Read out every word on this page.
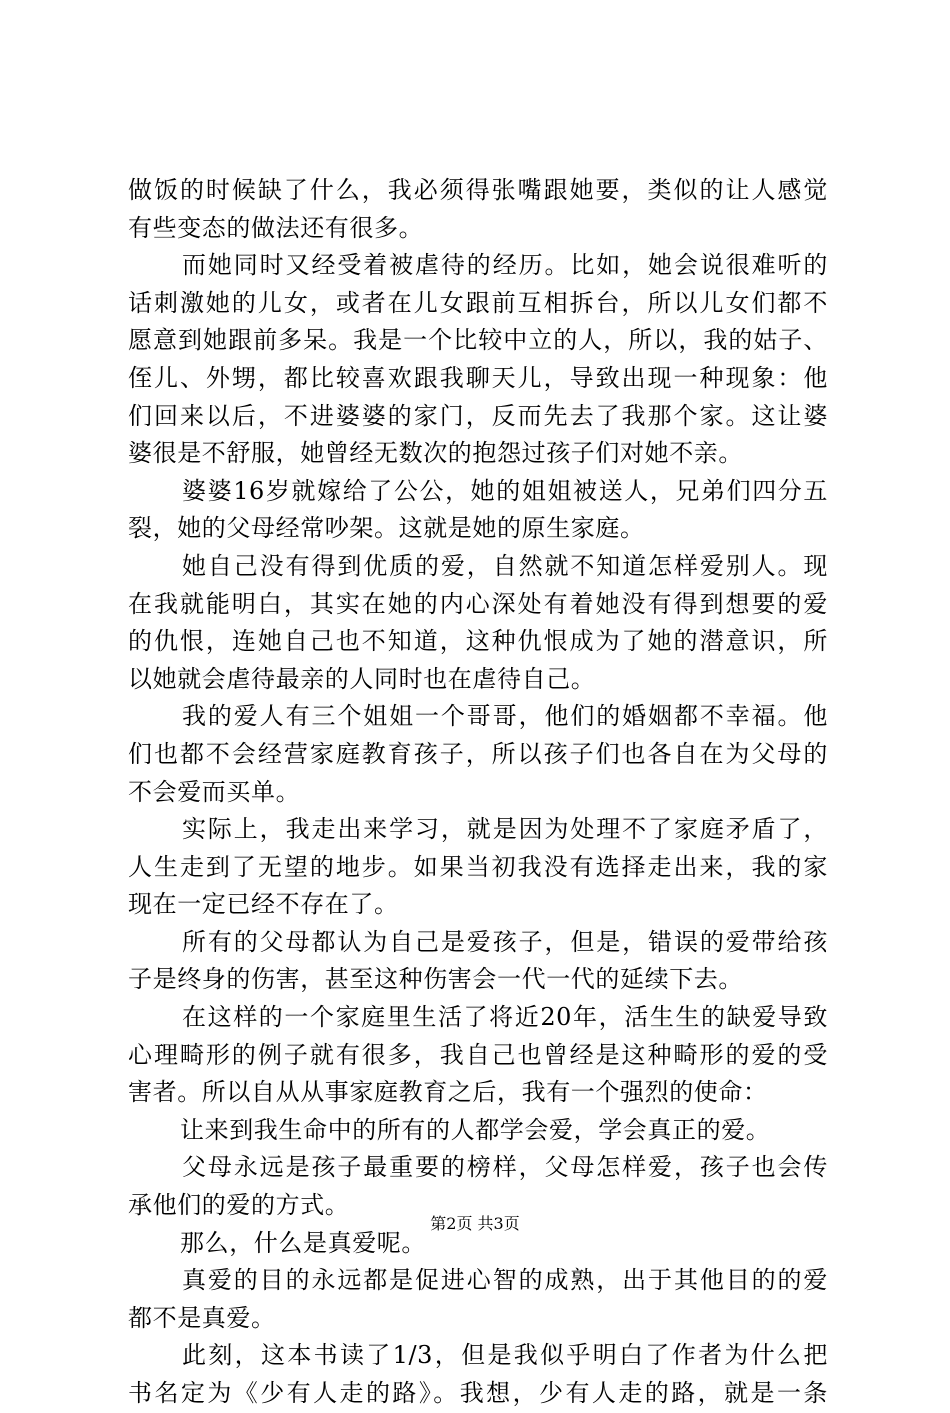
做饭的时候缺了什么，我必须得张嘴跟她要，类似的让人感觉
有些变态的做法还有很多。
而她同时又经受着被虐待的经历。比如，她会说很难听的
话刺激她的儿女，或者在儿女跟前互相拆台，所以儿女们都不
愿意到她跟前多呆。我是一个比较中立的人，所以，我的姑子、
侄儿、外甥，都比较喜欢跟我聊天儿，导致出现一种现象：他
们回来以后，不进婆婆的家门，反而先去了我那个家。这让婆
婆很是不舒服，她曾经无数次的抱怨过孩子们对她不亲。
婆婆16岁就嫁给了公公，她的姐姐被送人，兄弟们四分五
裂，她的父母经常吵架。这就是她的原生家庭。
她自己没有得到优质的爱，自然就不知道怎样爱别人。现
在我就能明白，其实在她的内心深处有着她没有得到想要的爱
的仇恨，连她自己也不知道，这种仇恨成为了她的潜意识，所
以她就会虐待最亲的人同时也在虐待自己。
我的爱人有三个姐姐一个哥哥，他们的婚姻都不幸福。他
们也都不会经营家庭教育孩子，所以孩子们也各自在为父母的
不会爱而买单。
实际上，我走出来学习，就是因为处理不了家庭矛盾了，
人生走到了无望的地步。如果当初我没有选择走出来，我的家
现在一定已经不存在了。
所有的父母都认为自己是爱孩子，但是，错误的爱带给孩
子是终身的伤害，甚至这种伤害会一代一代的延续下去。
在这样的一个家庭里生活了将近20年，活生生的缺爱导致
心理畸形的例子就有很多，我自己也曾经是这种畸形的爱的受
害者。所以自从从事家庭教育之后，我有一个强烈的使命：
让来到我生命中的所有的人都学会爱，学会真正的爱。
父母永远是孩子最重要的榜样，父母怎样爱，孩子也会传
承他们的爱的方式。
那么，什么是真爱呢。
真爱的目的永远都是促进心智的成熟，出于其他目的的爱
都不是真爱。
此刻，这本书读了1/3，但是我似乎明白了作者为什么把
书名定为《少有人走的路》。我想，少有人走的路，就是一条
第2页 共3页
